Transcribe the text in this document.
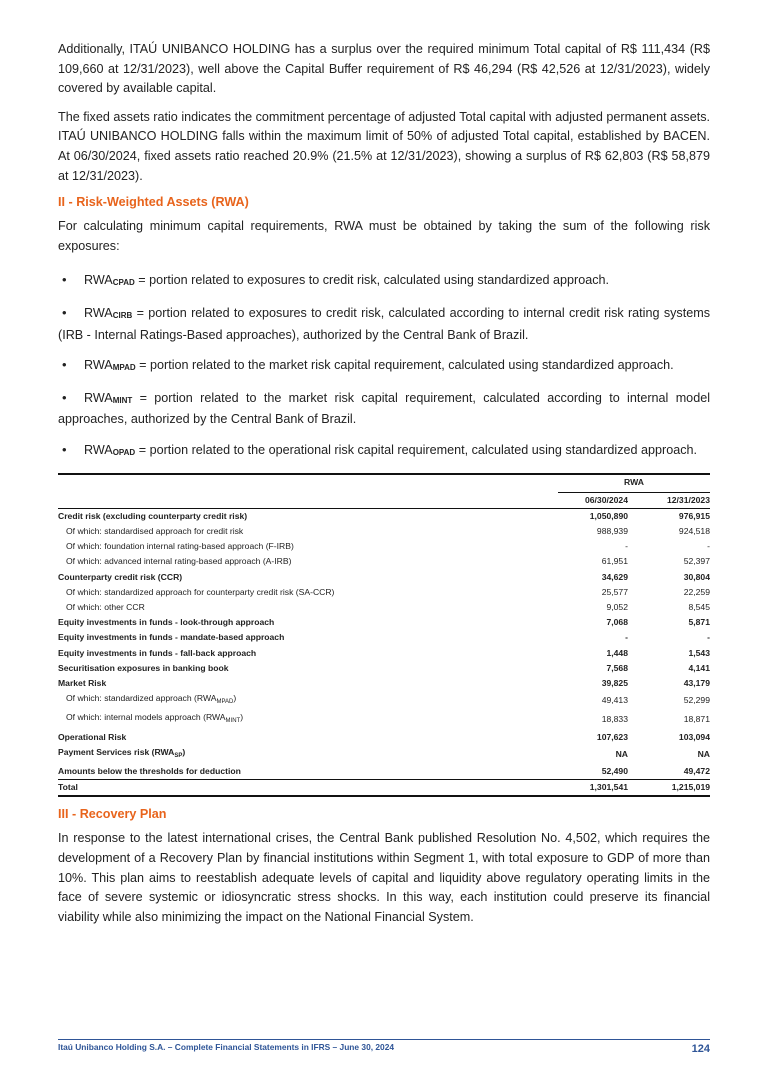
Additionally, ITAÚ UNIBANCO HOLDING has a surplus over the required minimum Total capital of R$ 111,434 (R$ 109,660 at 12/31/2023), well above the Capital Buffer requirement of R$ 46,294 (R$ 42,526 at 12/31/2023), widely covered by available capital.

The fixed assets ratio indicates the commitment percentage of adjusted Total capital with adjusted permanent assets. ITAÚ UNIBANCO HOLDING falls within the maximum limit of 50% of adjusted Total capital, established by BACEN. At 06/30/2024, fixed assets ratio reached 20.9% (21.5% at 12/31/2023), showing a surplus of R$ 62,803 (R$ 58,879 at 12/31/2023).

II - Risk-Weighted Assets (RWA)

For calculating minimum capital requirements, RWA must be obtained by taking the sum of the following risk exposures:

• $RWA_{CPAD}$ = portion related to exposures to credit risk, calculated using standardized approach.
• $RWA_{CIRB}$ = portion related to exposures to credit risk, calculated according to internal credit risk rating systems (IRB - Internal Ratings-Based approaches), authorized by the Central Bank of Brazil.
• $RWA_{MPAD}$ = portion related to the market risk capital requirement, calculated using standardized approach.
• $RWA_{MINT}$ = portion related to the market risk capital requirement, calculated according to internal model approaches, authorized by the Central Bank of Brazil.
• $RWA_{OPAD}$ = portion related to the operational risk capital requirement, calculated using standardized approach.
	RWA		
	06/30/2024		12/31/2023
Credit risk (excluding counterparty credit risk)	1,050,890		976,915
Of which: standardised approach for credit risk	988,939		924,518
Of which: foundation internal rating-based approach (F-IRB)	-		-
Of which: advanced internal rating-based approach (A-IRB)	61,951		52,397
Counterparty credit risk (CCR)	34,629		30,804
Of which: standardized approach for counterparty credit risk (SA-CCR)	25,577		22,259
Of which: other CCR	9,052		8,545
Equity investments in funds - look-through approach	7,068		5,871
Equity investments in funds - mandate-based approach	-		-
Equity investments in funds - fall-back approach	1,448		1,543
Securitisation exposures in banking book	7,568		4,141
Market Risk	39,825		43,179
Of which: standardized approach $(RWA_{MPAD})$	49,413		52,299
Of which: internal models approach $(RWA_{MINT})$	18,833		18,871
Operational Risk	107,623		103,094
Payment Services risk $(RWA_{SP})$	NA		NA
Amounts below the thresholds for deduction	52,490		49,472
Total	1,301,541		1,215,019
III - Recovery Plan

In response to the latest international crises, the Central Bank published Resolution No. 4,502, which requires the development of a Recovery Plan by financial institutions within Segment 1, with total exposure to GDP of more than 10%. This plan aims to reestablish adequate levels of capital and liquidity above regulatory operating limits in the face of severe systemic or idiosyncratic stress shocks. In this way, each institution could preserve its financial viability while also minimizing the impact on the National Financial System.

Itaú Unibanco Holding S.A. – Complete Financial Statements in IFRS – June 30, 2024	124
